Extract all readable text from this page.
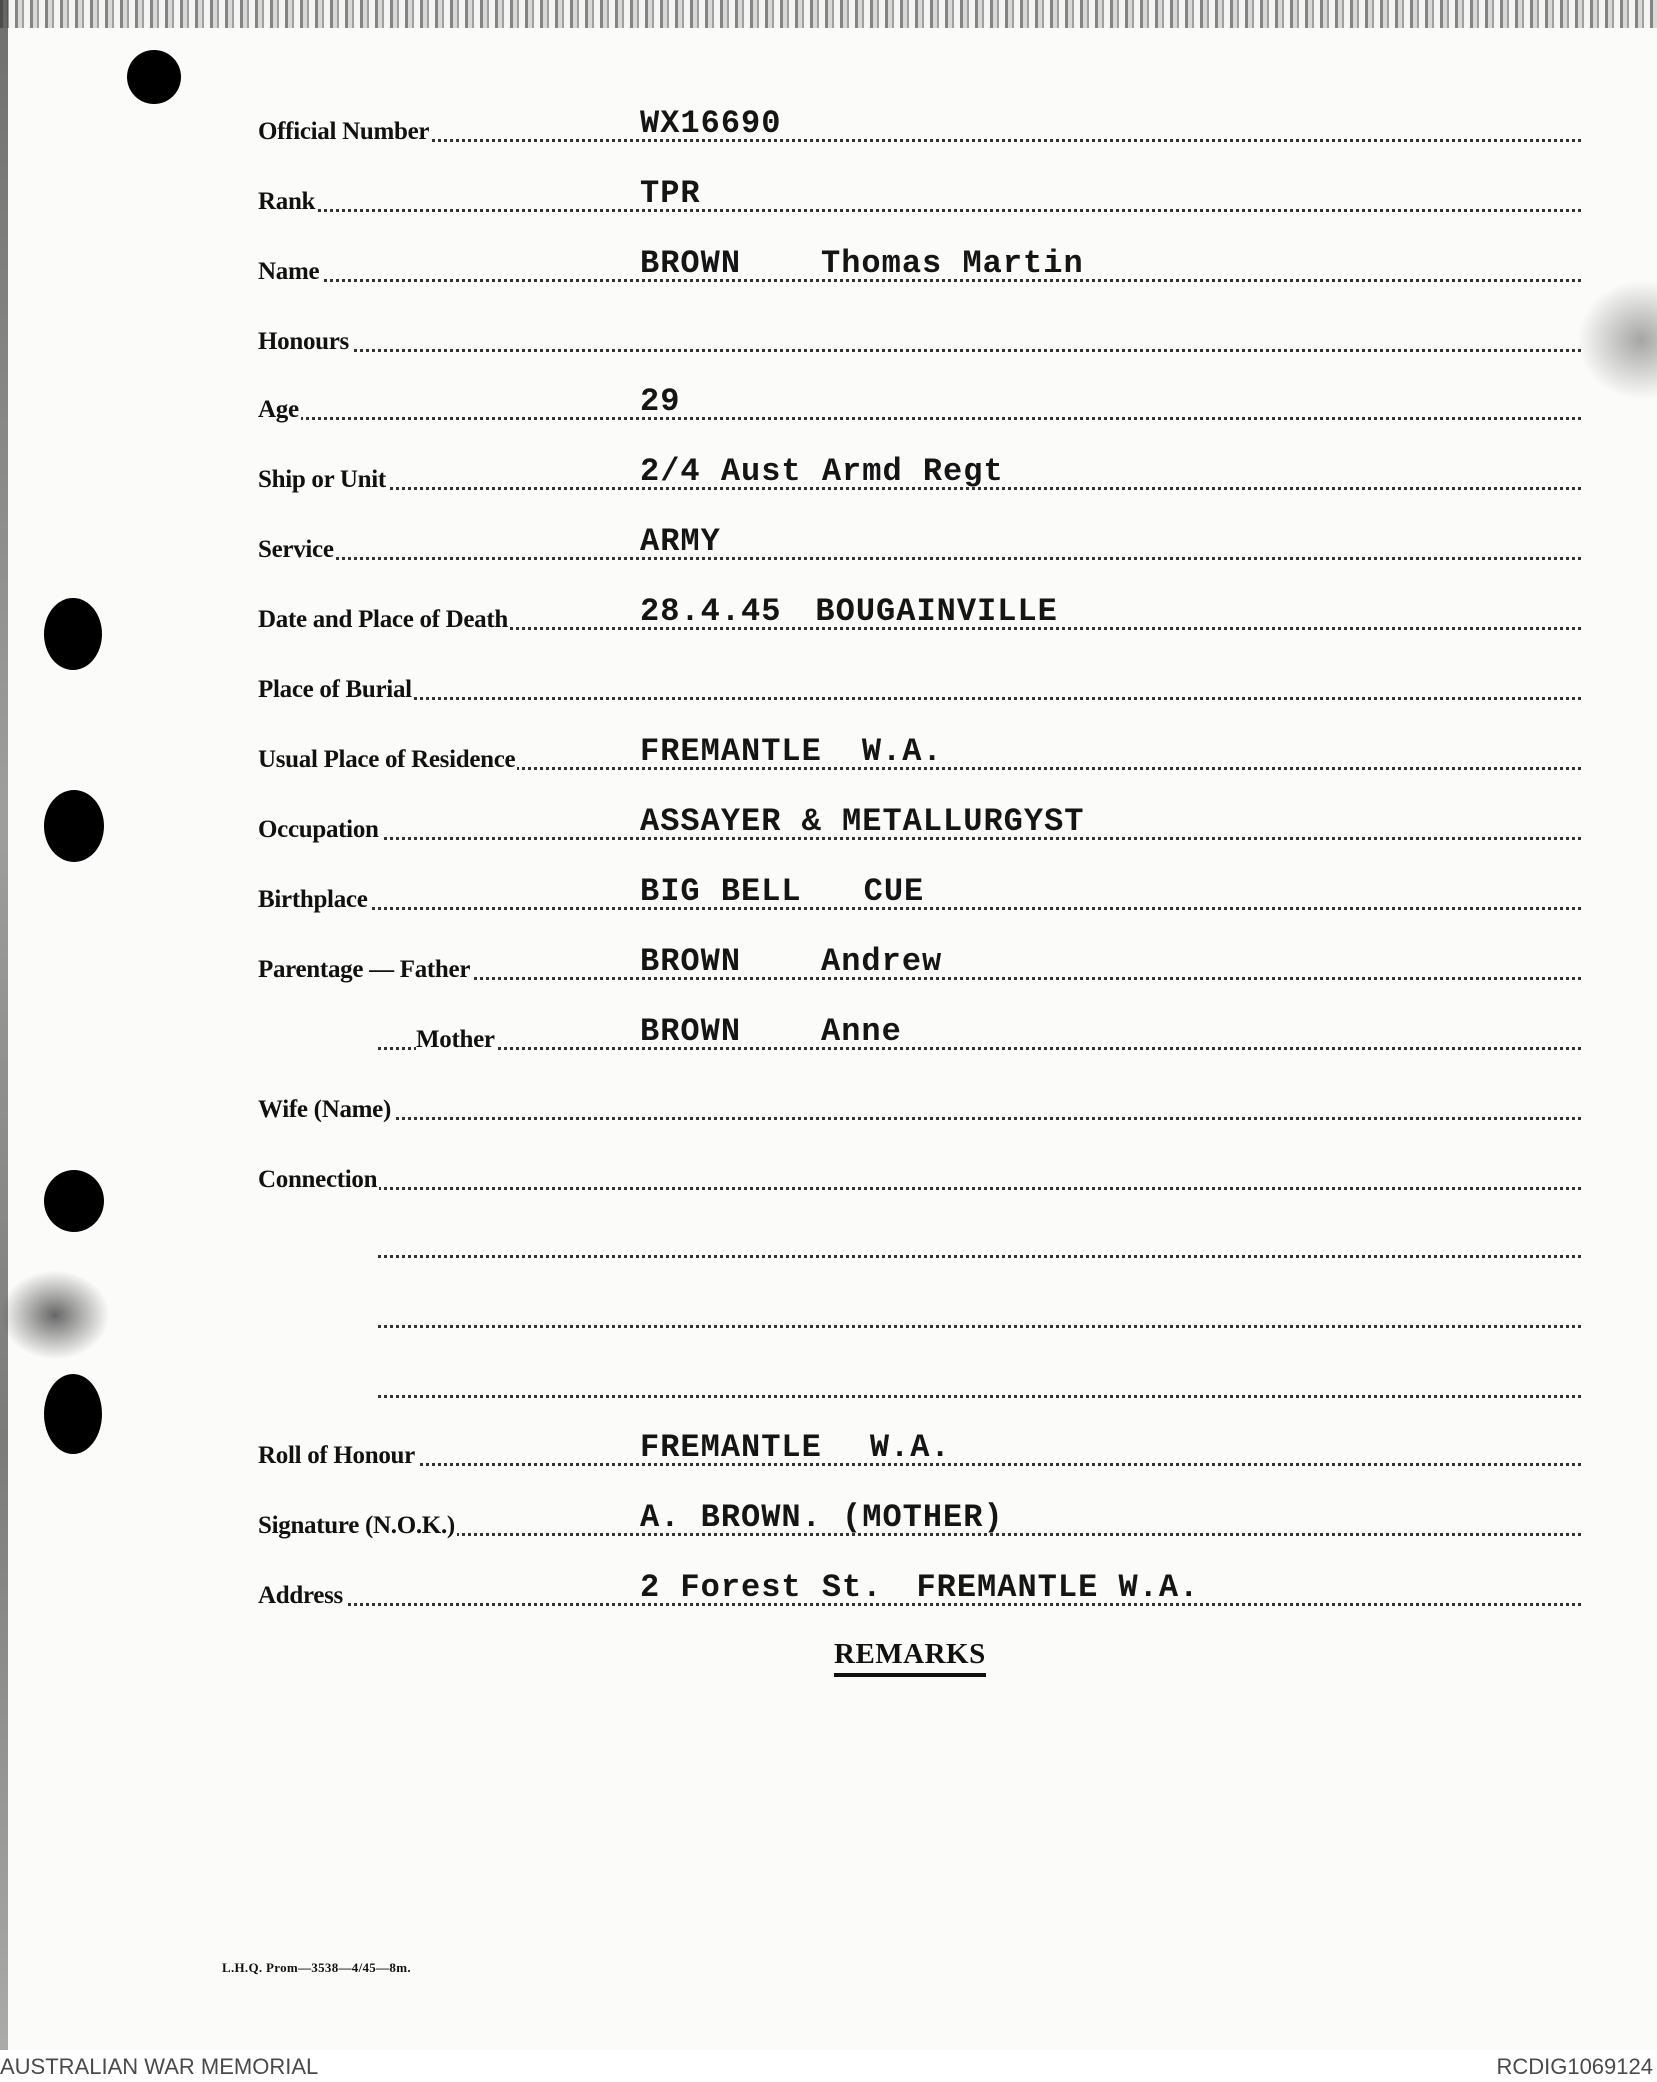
Official Number	WX16690
Rank	TPR
Name	BROWN	Thomas Martin
Honours
Age	29
Ship or Unit	2/4 Aust Armd Regt
Service	ARMY
Date and Place of Death	28.4.45 BOUGAINVILLE
Place of Burial
Usual Place of Residence	FREMANTLE W.A.
Occupation	ASSAYER & METALLURGYST
Birthplace	BIG BELL CUE
Parentage — Father	BROWN	Andrew
Mother	BROWN	Anne
Wife (Name)
Connection
Roll of Honour	FREMANTLE W.A.
Signature (N.O.K.)	A. BROWN. (MOTHER)
Address	2 Forest St. FREMANTLE W.A.
REMARKS
L.H.Q. Prom—3538—4/45—8m.
AUSTRALIAN WAR MEMORIAL	RCDIG1069124
